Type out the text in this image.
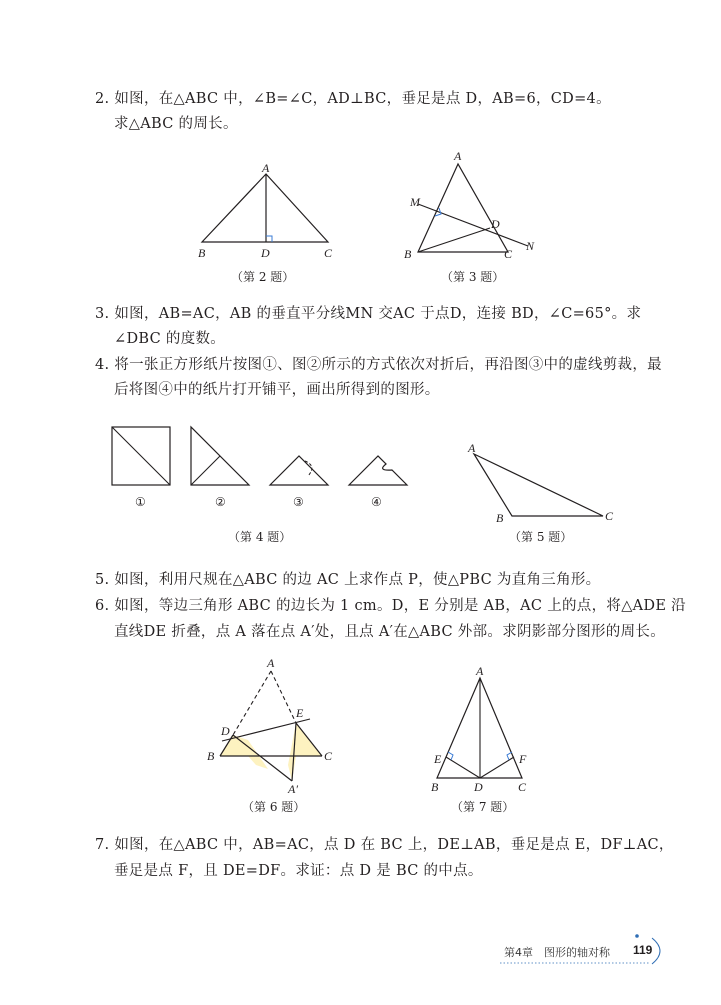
2. 如图，在△ABC 中，∠B=∠C，AD⊥BC，垂足是点 D，AB=6，CD=4。
求△ABC 的周长。
A
B	D	C
（第 2 题）
A
M
D
B	C
N
（第 3 题）
3. 如图，AB=AC，AB 的垂直平分线MN 交AC 于点D，连接 BD，∠C=65°。求
∠DBC 的度数。
4. 将一张正方形纸片按图①、图②所示的方式依次对折后，再沿图③中的虚线剪裁，最
后将图④中的纸片打开铺平，画出所得到的图形。
①	②	③	④
（第 4 题）
A
B	C
（第 5 题）
5. 如图，利用尺规在△ABC 的边 AC 上求作点 P，使△PBC 为直角三角形。
6. 如图，等边三角形 ABC 的边长为 1 cm。D，E 分别是 AB，AC 上的点，将△ADE 沿
直线DE 折叠，点 A 落在点 A′处，且点 A′在△ABC 外部。求阴影部分图形的周长。
A
D
E
B	C
A′
（第 6 题）
A
E	F
B	D	C
（第 7 题）
7. 如图，在△ABC 中，AB=AC，点 D 在 BC 上，DE⊥AB，垂足是点 E，DF⊥AC，
垂足是点 F，且 DE=DF。求证：点 D 是 BC 的中点。
第4章　图形的轴对称 119
